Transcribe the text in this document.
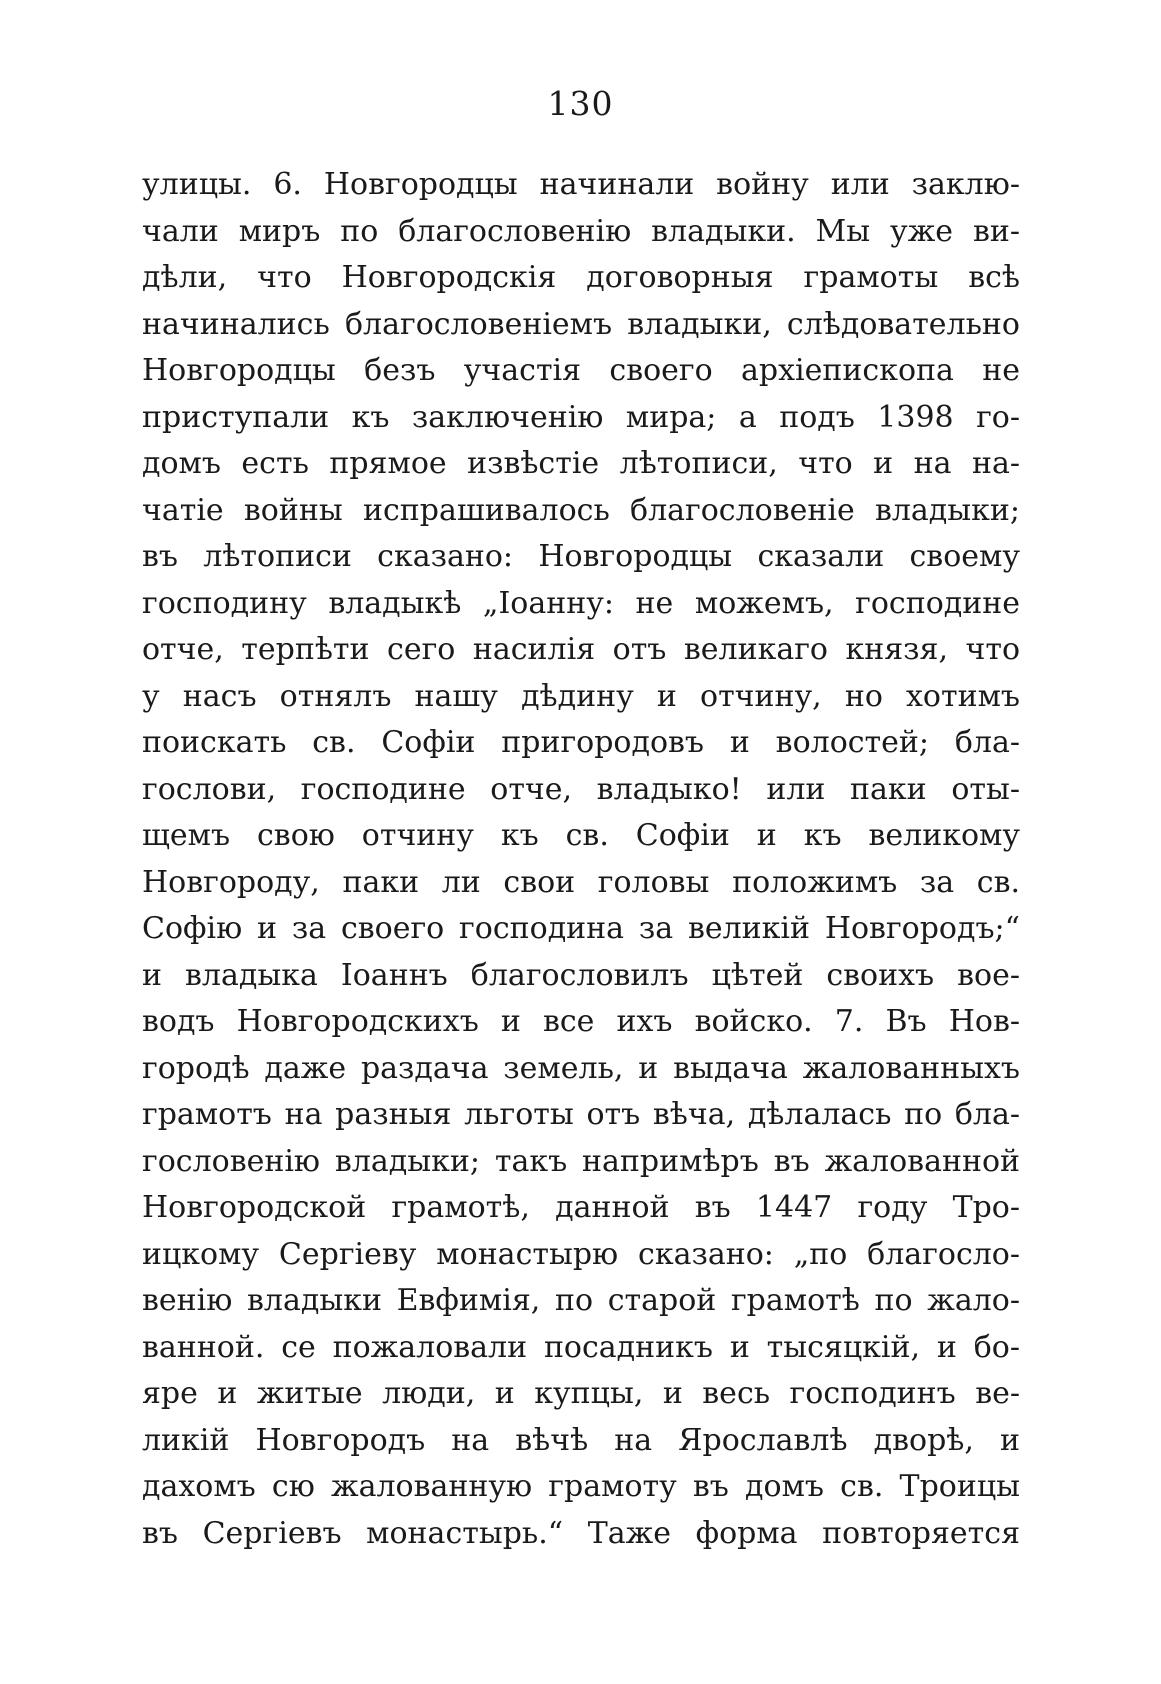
130
улицы. 6. Новгородцы начинали войну или заклю-
чали миръ по благословенію владыки. Мы уже ви-
дѣли, что Новгородскія договорныя грамоты всѣ
начинались благословеніемъ владыки, слѣдовательно
Новгородцы безъ участія своего архіепископа не
приступали къ заключенію мира; а подъ 1398 го-
домъ есть прямое извѣстіе лѣтописи, что и на на-
чатіе войны испрашивалось благословеніе владыки;
въ лѣтописи сказано: Новгородцы сказали своему
господину владыкѣ „Іоанну: не можемъ, господине
отче, терпѣти сего насилія отъ великаго князя, что
у насъ отнялъ нашу дѣдину и отчину, но хотимъ
поискать св. Софіи пригородовъ и волостей; бла-
гослови, господине отче, владыко! или паки оты-
щемъ свою отчину къ св. Софіи и къ великому
Новгороду, паки ли свои головы положимъ за св.
Софію и за своего господина за великій Новгородъ;“
и владыка Іоаннъ благословилъ цѣтей своихъ вое-
водъ Новгородскихъ и все ихъ войско. 7. Въ Нов-
городѣ даже раздача земель, и выдача жалованныхъ
грамотъ на разныя льготы отъ вѣча, дѣлалась по бла-
гословенію владыки; такъ напримѣръ въ жалованной
Новгородской грамотѣ, данной въ 1447 году Тро-
ицкому Сергіеву монастырю сказано: „по благосло-
венію владыки Евфимія, по старой грамотѣ по жало-
ванной. се пожаловали посадникъ и тысяцкій, и бо-
яре и житые люди, и купцы, и весь господинъ ве-
ликій Новгородъ на вѣчѣ на Ярославлѣ дворѣ, и
дахомъ сю жалованную грамоту въ домъ св. Троицы
въ Сергіевъ монастырь.“ Таже форма повторяется
